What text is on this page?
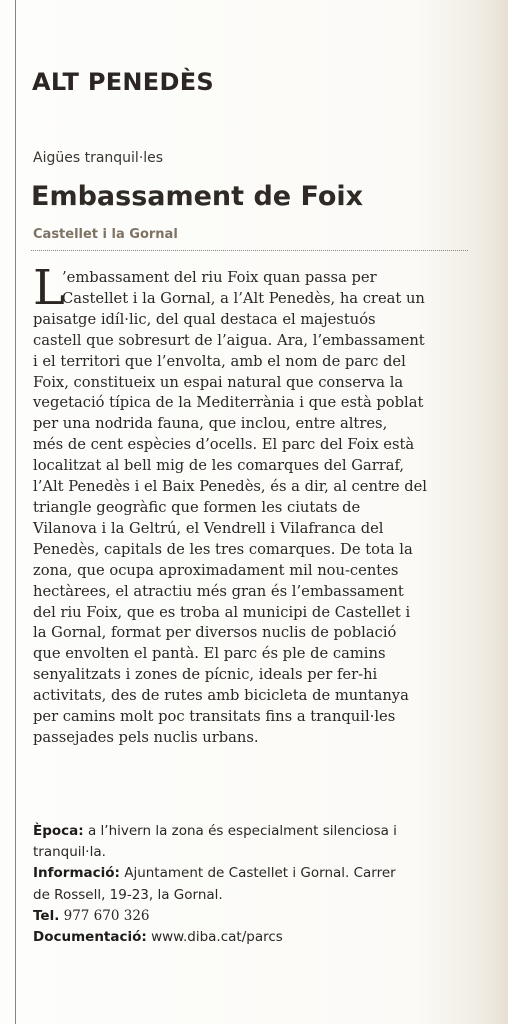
ALT PENEDÈS
Aigües tranquil·les
Embassament de Foix
Castellet i la Gornal
L
’embassament del riu Foix quan passa per
Castellet i la Gornal, a l’Alt Penedès, ha creat un
paisatge idíl·lic, del qual destaca el majestuós
castell que sobresurt de l’aigua. Ara, l’embassament
i el territori que l’envolta, amb el nom de parc del
Foix, constitueix un espai natural que conserva la
vegetació típica de la Mediterrània i que està poblat
per una nodrida fauna, que inclou, entre altres,
més de cent espècies d’ocells. El parc del Foix està
localitzat al bell mig de les comarques del Garraf,
l’Alt Penedès i el Baix Penedès, és a dir, al centre del
triangle geogràfic que formen les ciutats de
Vilanova i la Geltrú, el Vendrell i Vilafranca del
Penedès, capitals de les tres comarques. De tota la
zona, que ocupa aproximadament mil nou-centes
hectàrees, el atractiu més gran és l’embassament
del riu Foix, que es troba al municipi de Castellet i
la Gornal, format per diversos nuclis de població
que envolten el pantà. El parc és ple de camins
senyalitzats i zones de pícnic, ideals per fer-hi
activitats, des de rutes amb bicicleta de muntanya
per camins molt poc transitats fins a tranquil·les
passejades pels nuclis urbans.
Època: a l’hivern la zona és especialment silenciosa i
tranquil·la.
Informació: Ajuntament de Castellet i Gornal. Carrer
de Rossell, 19-23, la Gornal.
Tel. 977 670 326
Documentació: www.diba.cat/parcs
